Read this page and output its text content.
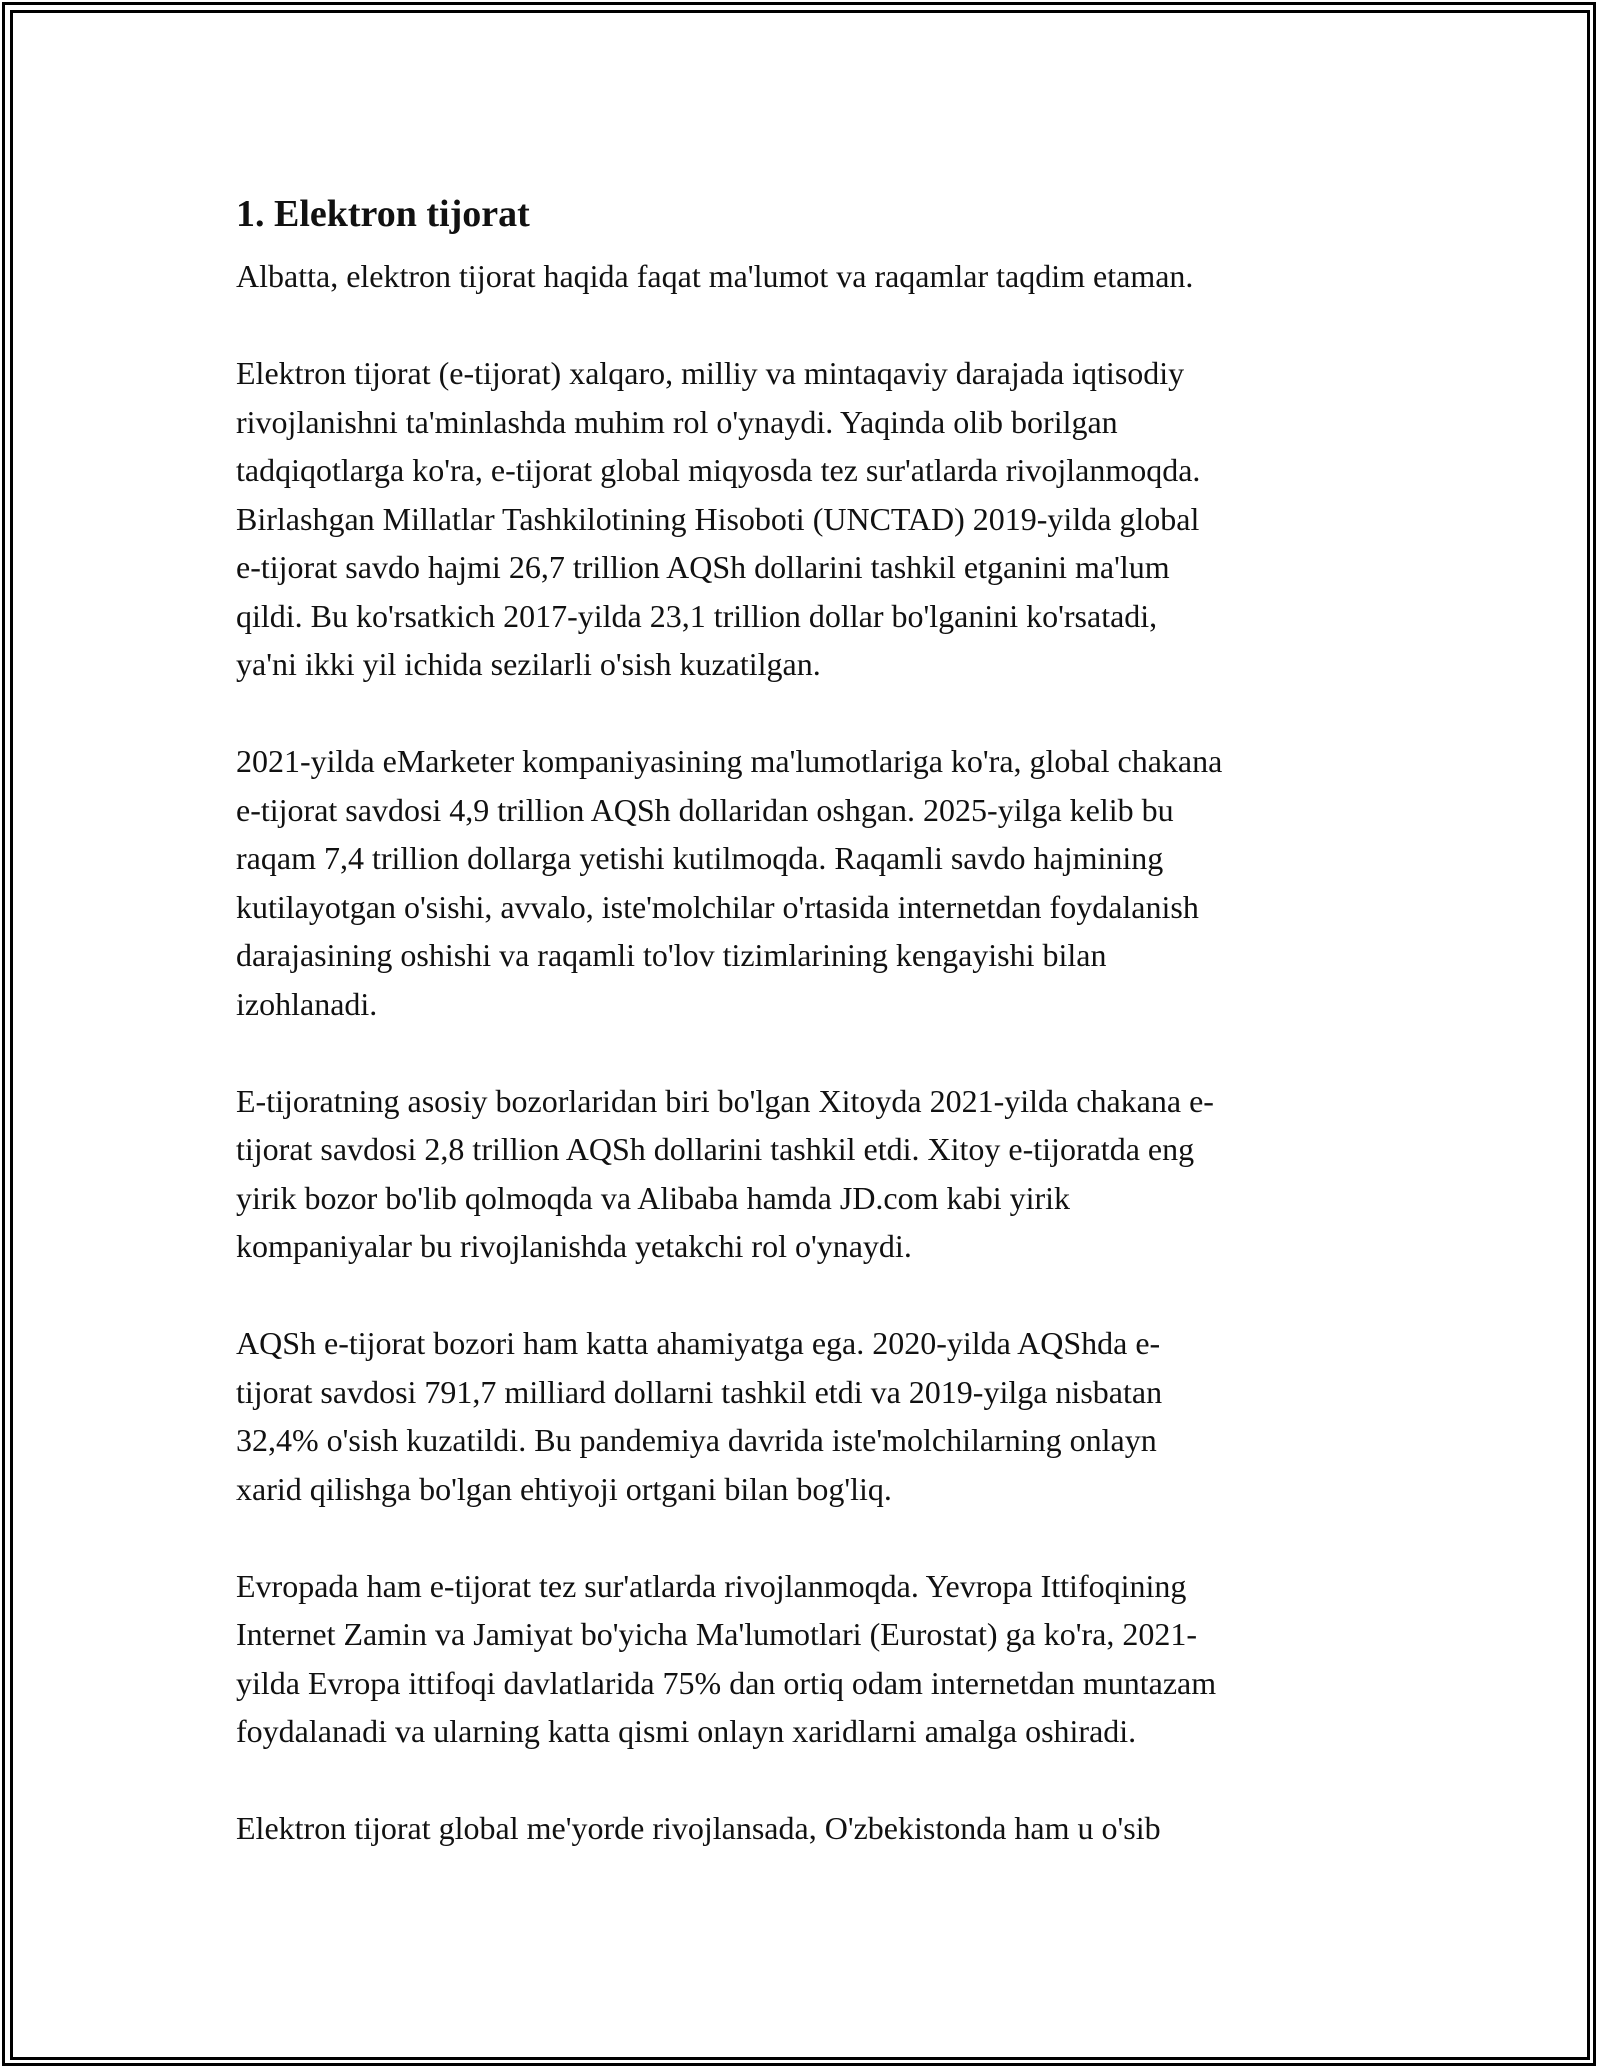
1. Elektron tijorat

Albatta, elektron tijorat haqida faqat ma'lumot va raqamlar taqdim etaman.

Elektron tijorat (e-tijorat) xalqaro, milliy va mintaqaviy darajada iqtisodiy
rivojlanishni ta'minlashda muhim rol o'ynaydi. Yaqinda olib borilgan
tadqiqotlarga ko'ra, e-tijorat global miqyosda tez sur'atlarda rivojlanmoqda.
Birlashgan Millatlar Tashkilotining Hisoboti (UNCTAD) 2019-yilda global
e-tijorat savdo hajmi 26,7 trillion AQSh dollarini tashkil etganini ma'lum
qildi. Bu ko'rsatkich 2017-yilda 23,1 trillion dollar bo'lganini ko'rsatadi,
ya'ni ikki yil ichida sezilarli o'sish kuzatilgan.

2021-yilda eMarketer kompaniyasining ma'lumotlariga ko'ra, global chakana
e-tijorat savdosi 4,9 trillion AQSh dollaridan oshgan. 2025-yilga kelib bu
raqam 7,4 trillion dollarga yetishi kutilmoqda. Raqamli savdo hajmining
kutilayotgan o'sishi, avvalo, iste'molchilar o'rtasida internetdan foydalanish
darajasining oshishi va raqamli to'lov tizimlarining kengayishi bilan
izohlanadi.

E-tijoratning asosiy bozorlaridan biri bo'lgan Xitoyda 2021-yilda chakana e-
tijorat savdosi 2,8 trillion AQSh dollarini tashkil etdi. Xitoy e-tijoratda eng
yirik bozor bo'lib qolmoqda va Alibaba hamda JD.com kabi yirik
kompaniyalar bu rivojlanishda yetakchi rol o'ynaydi.

AQSh e-tijorat bozori ham katta ahamiyatga ega. 2020-yilda AQShda e-
tijorat savdosi 791,7 milliard dollarni tashkil etdi va 2019-yilga nisbatan
32,4% o'sish kuzatildi. Bu pandemiya davrida iste'molchilarning onlayn
xarid qilishga bo'lgan ehtiyoji ortgani bilan bog'liq.

Evropada ham e-tijorat tez sur'atlarda rivojlanmoqda. Yevropa Ittifoqining
Internet Zamin va Jamiyat bo'yicha Ma'lumotlari (Eurostat) ga ko'ra, 2021-
yilda Evropa ittifoqi davlatlarida 75% dan ortiq odam internetdan muntazam
foydalanadi va ularning katta qismi onlayn xaridlarni amalga oshiradi.

Elektron tijorat global me'yorde rivojlansada, O'zbekistonda ham u o'sib
